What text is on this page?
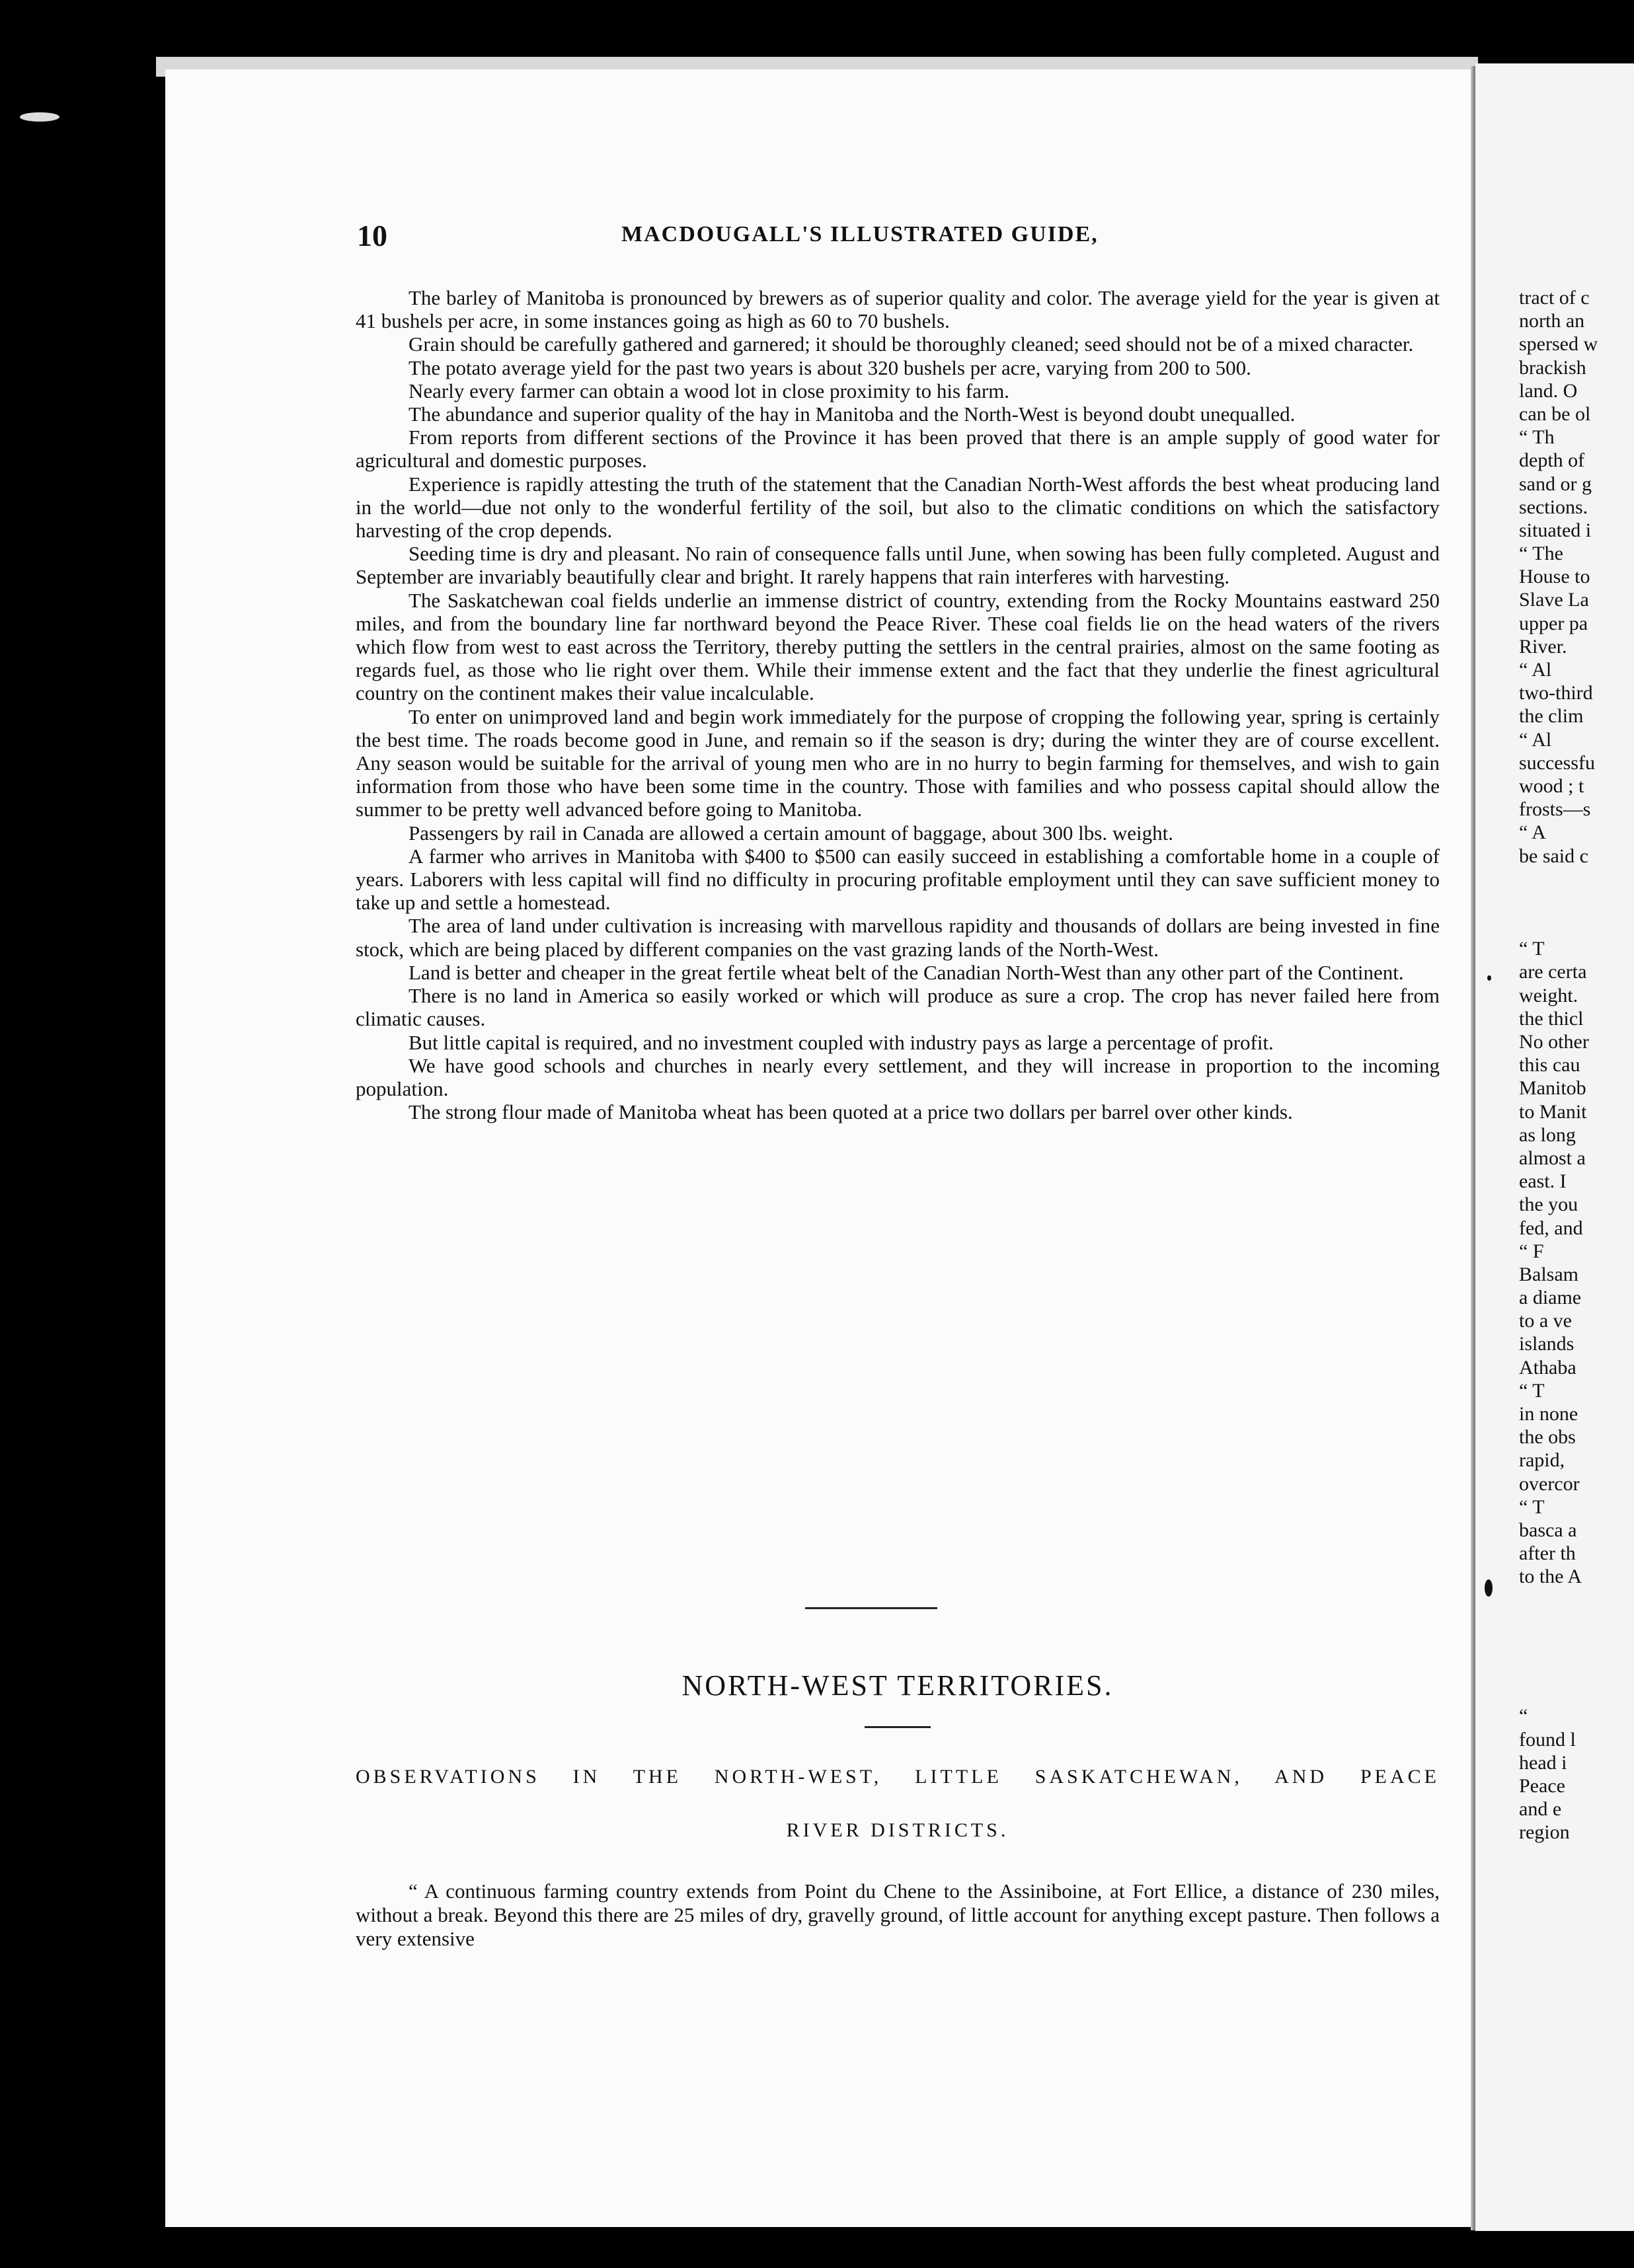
10	MACDOUGALL'S ILLUSTRATED GUIDE,

The barley of Manitoba is pronounced by brewers as of superior quality and color. The average yield for the year is given at 41 bushels per acre, in some instances going as high as 60 to 70 bushels.

Grain should be carefully gathered and garnered; it should be thoroughly cleaned; seed should not be of a mixed character.

The potato average yield for the past two years is about 320 bushels per acre, varying from 200 to 500.

Nearly every farmer can obtain a wood lot in close proximity to his farm.

The abundance and superior quality of the hay in Manitoba and the North-West is beyond doubt unequalled.

From reports from different sections of the Province it has been proved that there is an ample supply of good water for agricultural and domestic purposes.

Experience is rapidly attesting the truth of the statement that the Canadian North-West affords the best wheat producing land in the world—due not only to the wonderful fertility of the soil, but also to the climatic conditions on which the satisfactory harvesting of the crop depends.

Seeding time is dry and pleasant. No rain of consequence falls until June, when sowing has been fully completed. August and September are invariably beautifully clear and bright. It rarely happens that rain interferes with harvesting.

The Saskatchewan coal fields underlie an immense district of country, extending from the Rocky Mountains eastward 250 miles, and from the boundary line far northward beyond the Peace River. These coal fields lie on the head waters of the rivers which flow from west to east across the Territory, thereby putting the settlers in the central prairies, almost on the same footing as regards fuel, as those who lie right over them. While their immense extent and the fact that they underlie the finest agricultural country on the continent makes their value incalculable.

To enter on unimproved land and begin work immediately for the purpose of cropping the following year, spring is certainly the best time. The roads become good in June, and remain so if the season is dry; during the winter they are of course excellent. Any season would be suitable for the arrival of young men who are in no hurry to begin farming for themselves, and wish to gain information from those who have been some time in the country. Those with families and who possess capital should allow the summer to be pretty well advanced before going to Manitoba.

Passengers by rail in Canada are allowed a certain amount of baggage, about 300 lbs. weight.

A farmer who arrives in Manitoba with $400 to $500 can easily succeed in establishing a comfortable home in a couple of years. Laborers with less capital will find no difficulty in procuring profitable employment until they can save sufficient money to take up and settle a homestead.

The area of land under cultivation is increasing with marvellous rapidity and thousands of dollars are being invested in fine stock, which are being placed by different companies on the vast grazing lands of the North-West.

Land is better and cheaper in the great fertile wheat belt of the Canadian North-West than any other part of the Continent.

There is no land in America so easily worked or which will produce as sure a crop. The crop has never failed here from climatic causes.

But little capital is required, and no investment coupled with industry pays as large a percentage of profit.

We have good schools and churches in nearly every settlement, and they will increase in proportion to the incoming population.

The strong flour made of Manitoba wheat has been quoted at a price two dollars per barrel over other kinds.

NORTH-WEST TERRITORIES.
OBSERVATIONS IN THE NORTH-WEST, LITTLE SASKATCHEWAN, AND PEACE
RIVER DISTRICTS.

“ A continuous farming country extends from Point du Chene to the Assiniboine, at Fort Ellice, a distance of 230 miles, without a break. Beyond this there are 25 miles of dry, gravelly ground, of little account for anything except pasture. Then follows a very extensive

tract of c
north an
spersed w
brackish
land. O
can be ol
“ Th
depth of
sand or g
sections.
situated i
“ The
House to
Slave La
upper pa
River.
“ Al
two-third
the clim
“ Al
successfu
wood ; t
frosts—s
“ A
be said c
“ T
are certa
weight.
the thicl
No other
this cau
Manitob
to Manit
as long
almost a
east. I
the you
fed, and
“ F
Balsam
a diame
to a ve
islands
Athaba
“ T
in none
the obs
rapid,
overcor
“ T
basca a
after th
to the A
“
found l
head i
Peace
and e
region
